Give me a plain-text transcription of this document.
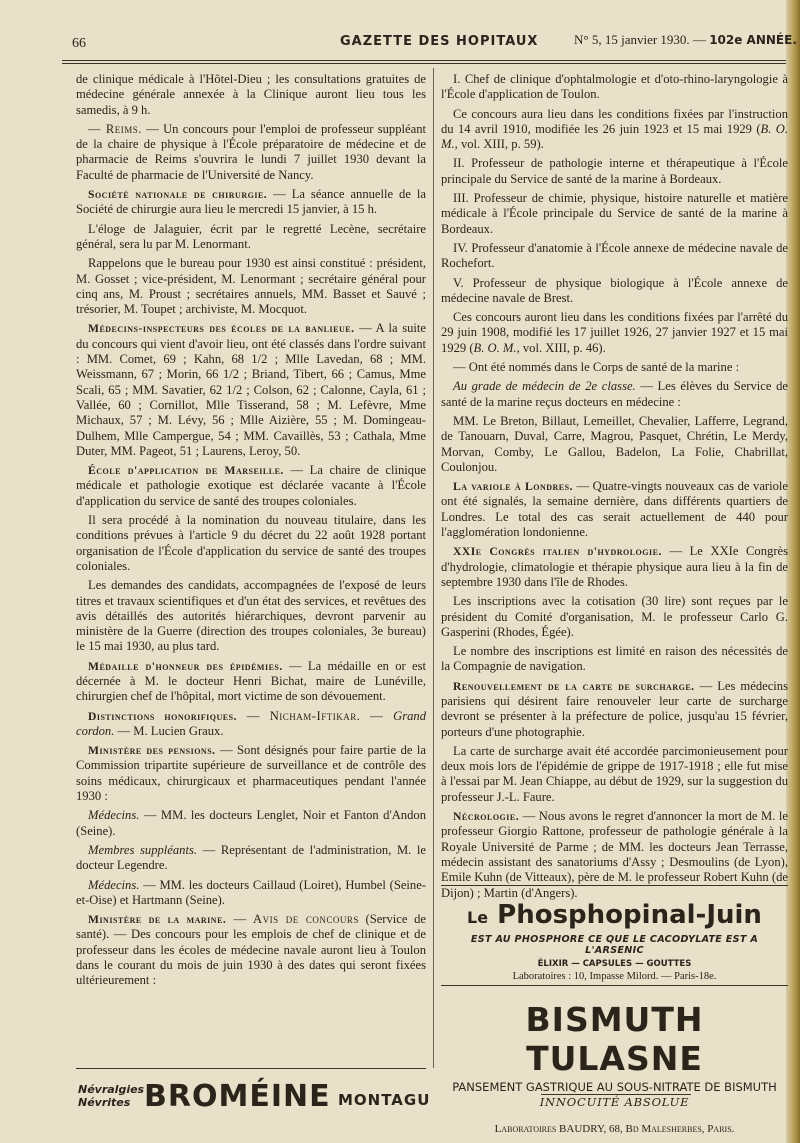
66	GAZETTE DES HOPITAUX	N° 5, 15 janvier 1930. — 102e ANNÉE.

de clinique médicale à l'Hôtel-Dieu ; les consultations gratuites de médecine générale annexée à la Clinique auront lieu tous les samedis, à 9 h.

— Reims. — Un concours pour l'emploi de professeur suppléant de la chaire de physique à l'École préparatoire de médecine et de pharmacie de Reims s'ouvrira le lundi 7 juillet 1930 devant la Faculté de pharmacie de l'Université de Nancy.

Société nationale de chirurgie. — La séance annuelle de la Société de chirurgie aura lieu le mercredi 15 janvier, à 15 h.

L'éloge de Jalaguier, écrit par le regretté Lecène, secrétaire général, sera lu par M. Lenormant.

Rappelons que le bureau pour 1930 est ainsi constitué : président, M. Gosset ; vice-président, M. Lenormant ; secrétaire général pour cinq ans, M. Proust ; secrétaires annuels, MM. Basset et Sauvé ; trésorier, M. Toupet ; archiviste, M. Mocquot.

Médecins-inspecteurs des écoles de la banlieue. — A la suite du concours qui vient d'avoir lieu, ont été classés dans l'ordre suivant : MM. Comet, 69 ; Kahn, 68 1/2 ; Mlle Lavedan, 68 ; MM. Weissmann, 67 ; Morin, 66 1/2 ; Briand, Tibert, 66 ; Camus, Mme Scali, 65 ; MM. Savatier, 62 1/2 ; Colson, 62 ; Calonne, Cayla, 61 ; Vallée, 60 ; Cornillot, Mlle Tisserand, 58 ; M. Lefèvre, Mme Michaux, 57 ; M. Lévy, 56 ; Mlle Aizière, 55 ; M. Domingeau-Dulhem, Mlle Campergue, 54 ; MM. Cavaillès, 53 ; Cathala, Mme Duter, MM. Pageot, 51 ; Laurens, Leroy, 50.

École d'application de Marseille. — La chaire de clinique médicale et pathologie exotique est déclarée vacante à l'École d'application du service de santé des troupes coloniales.

Il sera procédé à la nomination du nouveau titulaire, dans les conditions prévues à l'article 9 du décret du 22 août 1928 portant organisation de l'École d'application du service de santé des troupes coloniales.

Les demandes des candidats, accompagnées de l'exposé de leurs titres et travaux scientifiques et d'un état des services, et revêtues des avis détaillés des autorités hiérarchiques, devront parvenir au ministère de la Guerre (direction des troupes coloniales, 3e bureau) le 15 mai 1930, au plus tard.

Médaille d'honneur des épidémies. — La médaille en or est décernée à M. le docteur Henri Bichat, maire de Lunéville, chirurgien chef de l'hôpital, mort victime de son dévouement.

Distinctions honorifiques. — Nicham-Iftikar. — Grand cordon. — M. Lucien Graux.

Ministère des pensions. — Sont désignés pour faire partie de la Commission tripartite supérieure de surveillance et de contrôle des soins médicaux, chirurgicaux et pharmaceutiques pendant l'année 1930 :

Médecins. — MM. les docteurs Lenglet, Noir et Fanton d'Andon (Seine).

Membres suppléants. — Représentant de l'administration, M. le docteur Legendre.

Médecins. — MM. les docteurs Caillaud (Loiret), Humbel (Seine-et-Oise) et Hartmann (Seine).

Ministère de la marine. — Avis de concours (Service de santé). — Des concours pour les emplois de chef de clinique et de professeur dans les écoles de médecine navale auront lieu à Toulon dans le courant du mois de juin 1930 à des dates qui seront fixées ultérieurement :

I. Chef de clinique d'ophtalmologie et d'oto-rhino-laryngologie à l'École d'application de Toulon.

Ce concours aura lieu dans les conditions fixées par l'instruction du 14 avril 1910, modifiée les 26 juin 1923 et 15 mai 1929 (B. O. M., vol. XIII, p. 59).

II. Professeur de pathologie interne et thérapeutique à l'École principale du Service de santé de la marine à Bordeaux.

III. Professeur de chimie, physique, histoire naturelle et matière médicale à l'École principale du Service de santé de la marine à Bordeaux.

IV. Professeur d'anatomie à l'École annexe de médecine navale de Rochefort.

V. Professeur de physique biologique à l'École annexe de médecine navale de Brest.

Ces concours auront lieu dans les conditions fixées par l'arrêté du 29 juin 1908, modifié les 17 juillet 1926, 27 janvier 1927 et 15 mai 1929 (B. O. M., vol. XIII, p. 46).

— Ont été nommés dans le Corps de santé de la marine :

Au grade de médecin de 2e classe. — Les élèves du Service de santé de la marine reçus docteurs en médecine :

MM. Le Breton, Billaut, Lemeillet, Chevalier, Lafferre, Legrand, de Tanouarn, Duval, Carre, Magrou, Pasquet, Chrétin, Le Merdy, Morvan, Comby, Le Gallou, Badelon, La Folie, Chabrillat, Coulonjou.

La variole à Londres. — Quatre-vingts nouveaux cas de variole ont été signalés, la semaine dernière, dans différents quartiers de Londres. Le total des cas serait actuellement de 440 pour l'agglomération londonienne.

XXIe Congrès italien d'hydrologie. — Le XXIe Congrès d'hydrologie, climatologie et thérapie physique aura lieu à la fin de septembre 1930 dans l'île de Rhodes.

Les inscriptions avec la cotisation (30 lire) sont reçues par le président du Comité d'organisation, M. le professeur Carlo G. Gasperini (Rhodes, Égée).

Le nombre des inscriptions est limité en raison des nécessités de la Compagnie de navigation.

Renouvellement de la carte de surcharge. — Les médecins parisiens qui désirent faire renouveler leur carte de surcharge devront se présenter à la préfecture de police, jusqu'au 15 février, porteurs d'une photographie.

La carte de surcharge avait été accordée parcimonieusement pour deux mois lors de l'épidémie de grippe de 1917-1918 ; elle fut mise à l'essai par M. Jean Chiappe, au début de 1929, sur la suggestion du professeur J.-L. Faure.

Nécrologie. — Nous avons le regret d'annoncer la mort de M. le professeur Giorgio Rattone, professeur de pathologie générale à la Royale Université de Parme ; de MM. les docteurs Jean Terrasse, médecin assistant des sanatoriums d'Assy ; Desmoulins (de Lyon), Emile Kuhn (de Vitteaux), père de M. le professeur Robert Kuhn (de Dijon) ; Martin (d'Angers).

Le Phosphopinal-Juin
EST AU PHOSPHORE CE QUE LE CACODYLATE EST A L'ARSENIC
ÉLIXIR — CAPSULES — GOUTTES
Laboratoires : 10, Impasse Milord. — Paris-18e.
BISMUTH TULASNE
PANSEMENT GASTRIQUE AU SOUS-NITRATE DE BISMUTH
INNOCUITÉ ABSOLUE
Laboratoires BAUDRY, 68, Bd Malesherbes, Paris.
Névralgies
Névrites BROMÉINE MONTAGU
